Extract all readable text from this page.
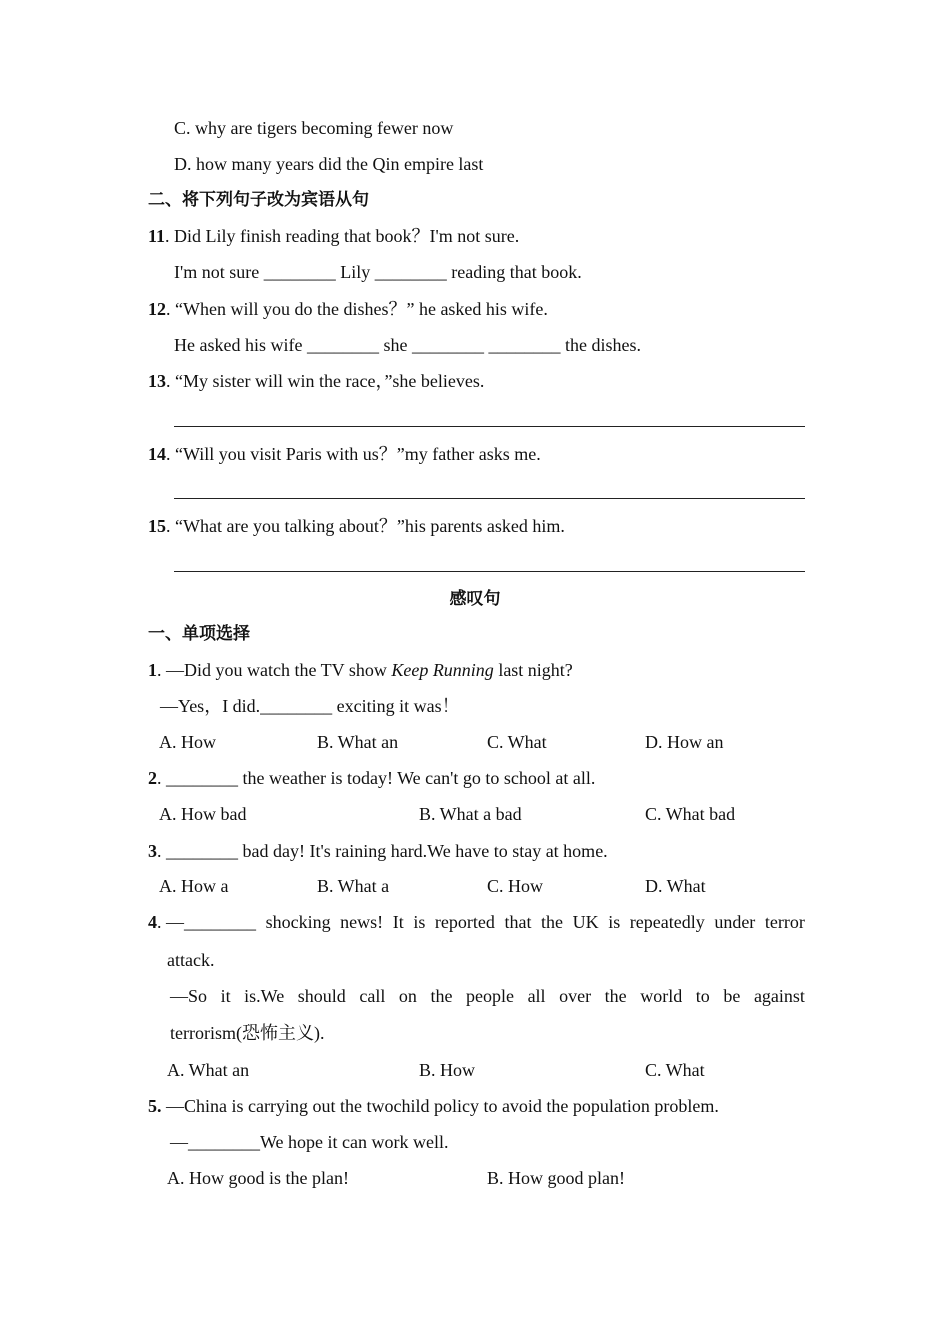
C. why are tigers becoming fewer now
D. how many years did the Qin empire last
二、将下列句子改为宾语从句
11. Did Lily finish reading that book？I'm not sure.
I'm not sure ________ Lily ________ reading that book.
12. “When will you do the dishes？” he asked his wife.
He asked his wife ________ she ________ ________ the dishes.
13. “My sister will win the race，”she believes.
14. “Will you visit Paris with us？”my father asks me.
15. “What are you talking about？”his parents asked him.
感叹句
一、单项选择
1. —Did you watch the TV show Keep Running last night?
—Yes，I did.________ exciting it was！
A. How	B. What an	C. What	D. How an
2. ________ the weather is today! We can't go to school at all.
A. How bad	B. What a bad	C. What bad
3. ________ bad day! It's raining hard.We have to stay at home.
A. How a	B. What a	C. How	D. What
4. —________ shocking news! It is reported that the UK is repeatedly under terror
attack.
—So it is.We should call on the people all over the world to be against
terrorism(恐怖主义).
A. What an	B. How	C. What
5. —China is carrying out the twochild policy to avoid the population problem.
—________We hope it can work well.
A. How good is the plan!	B. How good plan!
